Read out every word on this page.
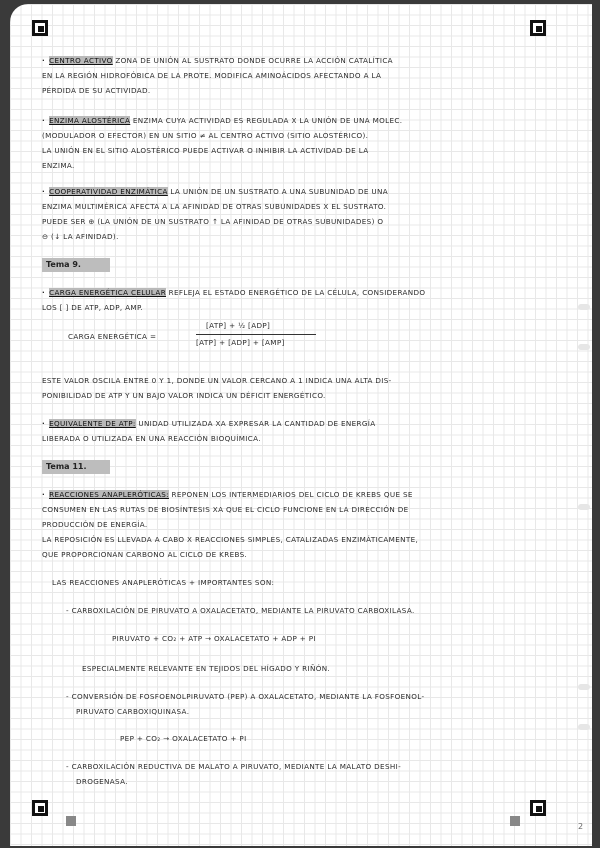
· CENTRO ACTIVO ZONA DE UNIÓN AL SUSTRATO DONDE OCURRE LA ACCIÓN CATALÍTICA
EN LA REGIÓN HIDROFÓBICA DE LA PROTE. MODIFICA AMINOÁCIDOS AFECTANDO A LA
PÉRDIDA DE SU ACTIVIDAD.
· ENZIMA ALOSTÉRICA ENZIMA CUYA ACTIVIDAD ES REGULADA X LA UNIÓN DE UNA MOLEC.
(MODULADOR O EFECTOR) EN UN SITIO ≠ AL CENTRO ACTIVO (SITIO ALOSTÉRICO).
LA UNIÓN EN EL SITIO ALOSTÉRICO PUEDE ACTIVAR O INHIBIR LA ACTIVIDAD DE LA
ENZIMA.
· COOPERATIVIDAD ENZIMÁTICA LA UNIÓN DE UN SUSTRATO A UNA SUBUNIDAD DE UNA
ENZIMA MULTIMÉRICA AFECTA A LA AFINIDAD DE OTRAS SUBUNIDADES X EL SUSTRATO.
PUEDE SER ⊕ (LA UNIÓN DE UN SUSTRATO ↑ LA AFINIDAD DE OTRAS SUBUNIDADES) O
⊖ (↓ LA AFINIDAD).
Tema 9.
· CARGA ENERGÉTICA CELULAR REFLEJA EL ESTADO ENERGÉTICO DE LA CÉLULA, CONSIDERANDO
LOS [ ] DE ATP, ADP, AMP.
CARGA ENERGÉTICA =
[ATP] + ½ [ADP]
[ATP] + [ADP] + [AMP]
ESTE VALOR OSCILA ENTRE 0 Y 1, DONDE UN VALOR CERCANO A 1 INDICA UNA ALTA DIS-
PONIBILIDAD DE ATP Y UN BAJO VALOR INDICA UN DÉFICIT ENERGÉTICO.
· EQUIVALENTE DE ATP: UNIDAD UTILIZADA XA EXPRESAR LA CANTIDAD DE ENERGÍA
LIBERADA O UTILIZADA EN UNA REACCIÓN BIOQUÍMICA.
Tema 11.
· REACCIONES ANAPLERÓTICAS: REPONEN LOS INTERMEDIARIOS DEL CICLO DE KREBS QUE SE
CONSUMEN EN LAS RUTAS DE BIOSÍNTESIS XA QUE EL CICLO FUNCIONE EN LA DIRECCIÓN DE
PRODUCCIÓN DE ENERGÍA.
LA REPOSICIÓN ES LLEVADA A CABO X REACCIONES SIMPLES, CATALIZADAS ENZIMÁTICAMENTE,
QUE PROPORCIONAN CARBONO AL CICLO DE KREBS.
LAS REACCIONES ANAPLERÓTICAS + IMPORTANTES SON:
- CARBOXILACIÓN DE PIRUVATO A OXALACETATO, MEDIANTE LA PIRUVATO CARBOXILASA.
PIRUVATO + CO₂ + ATP → OXALACETATO + ADP + PI
ESPECIALMENTE RELEVANTE EN TEJIDOS DEL HÍGADO Y RIÑÓN.
- CONVERSIÓN DE FOSFOENOLPIRUVATO (PEP) A OXALACETATO, MEDIANTE LA FOSFOENOL-
PIRUVATO CARBOXIQUINASA.
PEP + CO₂ → OXALACETATO + PI
- CARBOXILACIÓN REDUCTIVA DE MALATO A PIRUVATO, MEDIANTE LA MALATO DESHI-
DROGENASA.
2
